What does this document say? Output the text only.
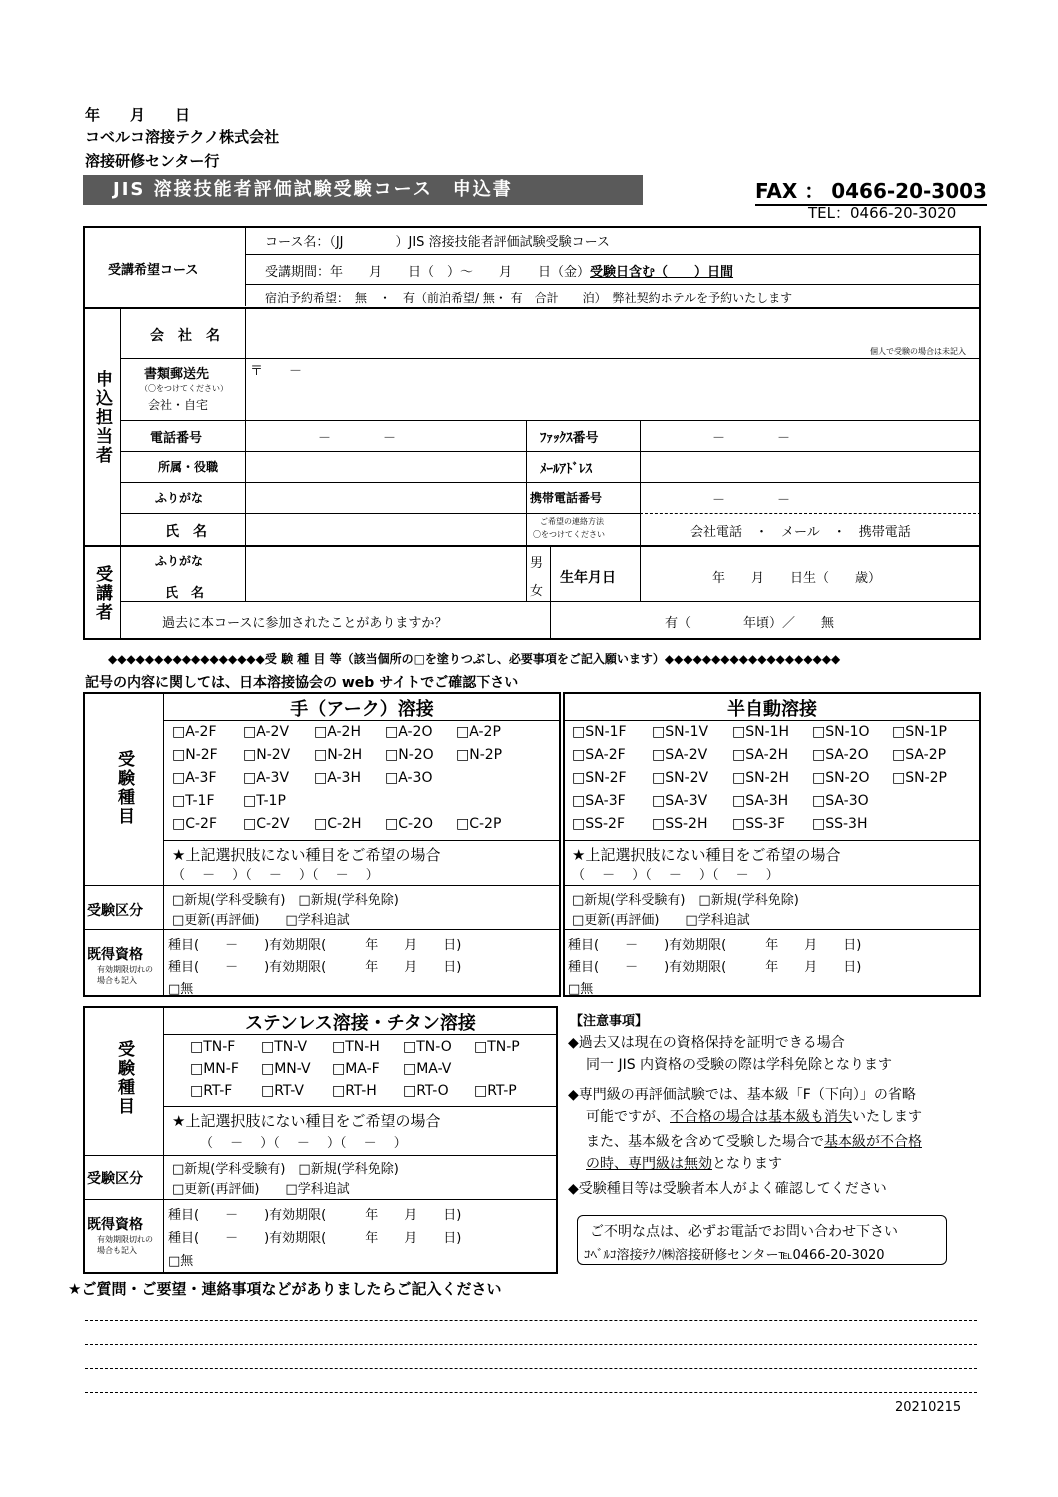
年　　月　　日
コベルコ溶接テクノ株式会社
溶接研修センター行
JIS 溶接技能者評価試験受験コース　申込書	FAX ： 0466-20-3003
TEL：0466-20-3020
受講希望コース
コース名：（JJ　　　　）JIS 溶接技能者評価試験受験コース
受講期間：年　　月　　日（　）～　　月　　日（金）受験日含む（　　）日間
宿泊予約希望：　無　・　有（前泊希望/ 無・ 有　合計　　泊）　弊社契約ホテルを予約いたします
申込担当者
会　社　名
個人で受験の場合は未記入
書類郵送先
（〇をつけてください）
会社・自宅
〒　　－
電話番号	－　　　　－	ﾌｧｯｸｽ番号	－　　　　－
所属・役職	ﾒｰﾙｱﾄﾞﾚｽ
ふりがな	携帯電話番号	－　　　　－
氏　名
ご希望の連絡方法
〇をつけてください	会社電話　・　メール　・　携帯電話
受講者
ふりがな
氏　名
男
女
生年月日	年　　月　　日生（　　歳）
過去に本コースに参加されたことがありますか？	有（　　　　年頃）／　　無
◆◆◆◆◆◆◆◆◆◆◆◆◆◆◆◆◆受 験 種 目 等（該当個所の□を塗りつぶし、必要事項をご記入願います）◆◆◆◆◆◆◆◆◆◆◆◆◆◆◆◆◆◆◆
記号の内容に関しては、日本溶接協会の web サイトでご確認下さい
手（アーク）溶接
受験種目
□A-2F □A-2V □A-2H □A-2O □A-2P
□N-2F □N-2V □N-2H □N-2O □N-2P
□A-3F □A-3V □A-3H □A-3O
□T-1F □T-1P
□C-2F □C-2V □C-2H □C-2O □C-2P
★上記選択肢にない種目をご希望の場合
（　 －　 ）（　 －　 ）（　 －　 ）
受験区分
□新規(学科受験有)　□新規(学科免除)
□更新(再評価)　　□学科追試
既得資格
有効期限切れの場合も記入
種目(　　－　　)有効期限(　　　年　　月　　日)
種目(　　－　　)有効期限(　　　年　　月　　日)
□無
半自動溶接
□SN-1F □SN-1V □SN-1H □SN-1O □SN-1P
□SA-2F □SA-2V □SA-2H □SA-2O □SA-2P
□SN-2F □SN-2V □SN-2H □SN-2O □SN-2P
□SA-3F □SA-3V □SA-3H □SA-3O
□SS-2F □SS-2H □SS-3F □SS-3H
★上記選択肢にない種目をご希望の場合
（　 －　 ）（　 －　 ）（　 －　 ）
□新規(学科受験有)　□新規(学科免除)
□更新(再評価)　　□学科追試
種目(　　－　　)有効期限(　　　年　　月　　日)
種目(　　－　　)有効期限(　　　年　　月　　日)
□無
ステンレス溶接・チタン溶接
受験種目	□TN-F □TN-V □TN-H □TN-O □TN-P
□MN-F □MN-V □MA-F □MA-V
□RT-F □RT-V □RT-H □RT-O □RT-P
★上記選択肢にない種目をご希望の場合
（　 －　 ）（　 －　 ）（　 －　 ）
受験区分
□新規(学科受験有)　□新規(学科免除)
□更新(再評価)　　□学科追試
既得資格
有効期限切れの場合も記入
種目(　　－　　)有効期限(　　　年　　月　　日)
種目(　　－　　)有効期限(　　　年　　月　　日)
□無
【注意事項】
◆過去又は現在の資格保持を証明できる場合
同一 JIS 内資格の受験の際は学科免除となります
◆専門級の再評価試験では、基本級「F（下向）」の省略
可能ですが、不合格の場合は基本級も消失いたします
また、基本級を含めて受験した場合で基本級が不合格
の時、専門級は無効となります
◆受験種目等は受験者本人がよく確認してください
ご不明な点は、必ずお電話でお問い合わせ下さい
ｺﾍﾞﾙｺ溶接ﾃｸﾉ㈱溶接研修センター℡0466-20-3020
★ご質問・ご要望・連絡事項などがありましたらご記入ください
20210215
